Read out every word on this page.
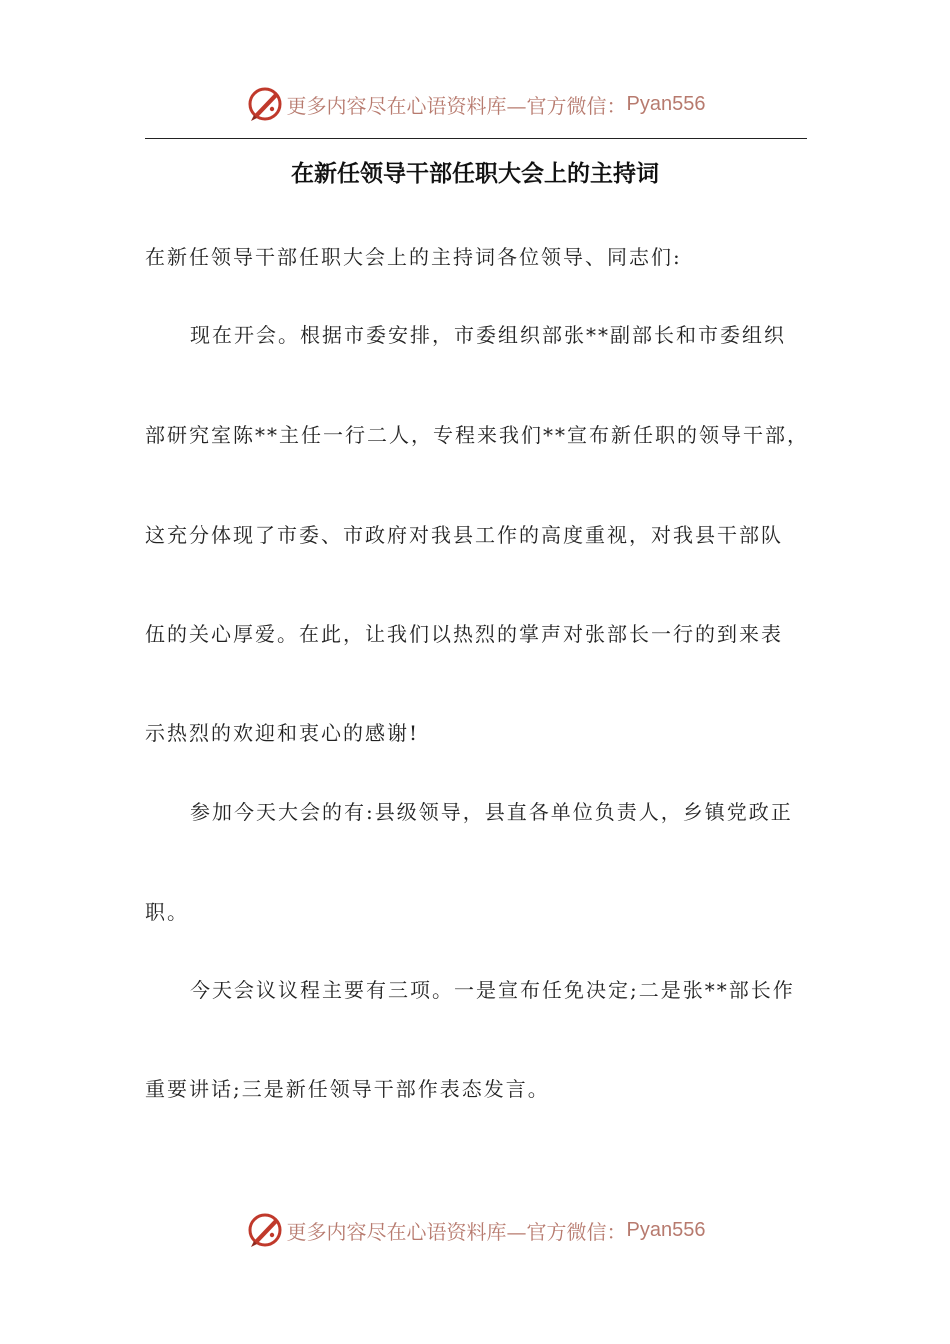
更多内容尽在心语资料库—官方微信： Pyan556
在新任领导干部任职大会上的主持词

在新任领导干部任职大会上的主持词各位领导、同志们:

现在开会。根据市委安排，市委组织部张**副部长和市委组织

部研究室陈**主任一行二人，专程来我们**宣布新任职的领导干部，

这充分体现了市委、市政府对我县工作的高度重视，对我县干部队

伍的关心厚爱。在此，让我们以热烈的掌声对张部长一行的到来表

示热烈的欢迎和衷心的感谢!

参加今天大会的有:县级领导，县直各单位负责人，乡镇党政正

职。

今天会议议程主要有三项。一是宣布任免决定;二是张**部长作

重要讲话;三是新任领导干部作表态发言。

更多内容尽在心语资料库—官方微信： Pyan556
